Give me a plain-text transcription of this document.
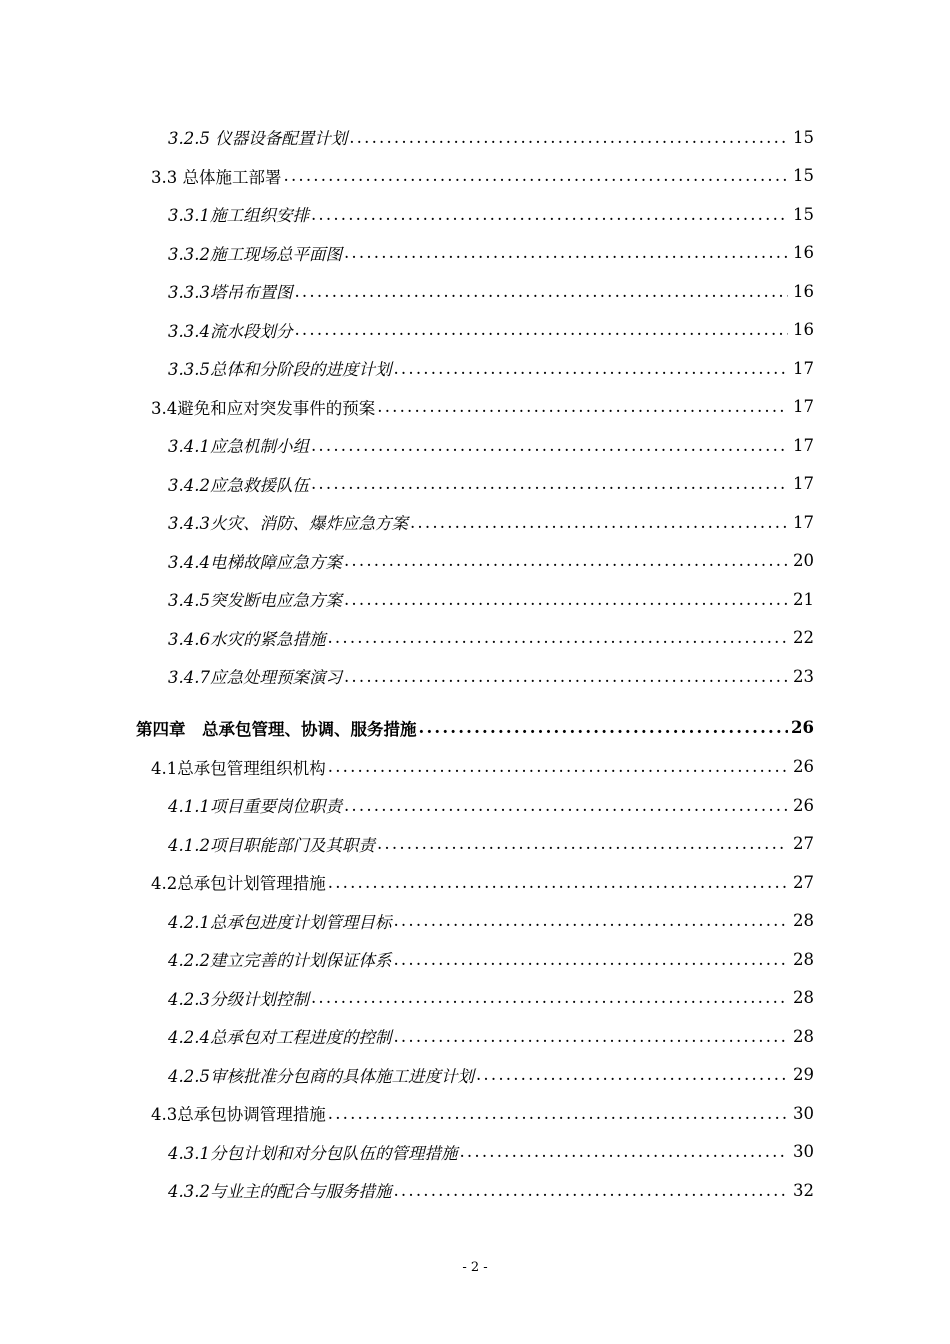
3.2.5 仪器设备配置计划 .....	15
3.3 总体施工部署 .....	15
3.3.1施工组织安排 .....	15
3.3.2施工现场总平面图 .....	16
3.3.3塔吊布置图 .....	16
3.3.4流水段划分 .....	16
3.3.5总体和分阶段的进度计划 .....	17
3.4避免和应对突发事件的预案 .....	17
3.4.1应急机制小组 .....	17
3.4.2应急救援队伍 .....	17
3.4.3火灾、消防、爆炸应急方案 .....	17
3.4.4电梯故障应急方案 .....	20
3.4.5突发断电应急方案 .....	21
3.4.6水灾的紧急措施 .....	22
3.4.7应急处理预案演习 .....	23
第四章　总承包管理、协调、服务措施 .....	26
4.1总承包管理组织机构 .....	26
4.1.1项目重要岗位职责 .....	26
4.1.2项目职能部门及其职责 .....	27
4.2总承包计划管理措施 .....	27
4.2.1总承包进度计划管理目标 .....	28
4.2.2建立完善的计划保证体系 .....	28
4.2.3分级计划控制 .....	28
4.2.4总承包对工程进度的控制 .....	28
4.2.5审核批准分包商的具体施工进度计划 .....	29
4.3总承包协调管理措施 .....	30
4.3.1分包计划和对分包队伍的管理措施 .....	30
4.3.2与业主的配合与服务措施 .....	32
- 2 -
